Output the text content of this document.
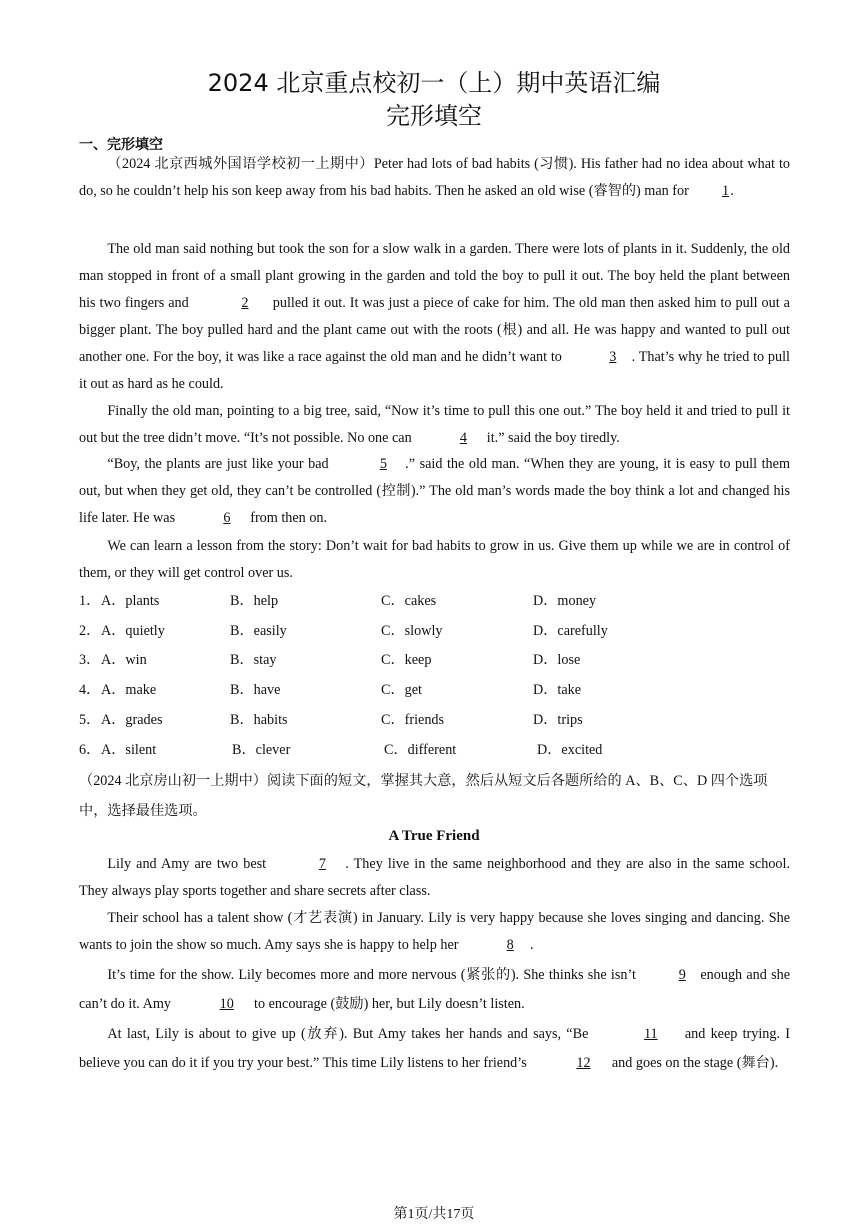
2024 北京重点校初一（上）期中英语汇编
完形填空
一、完形填空

（2024 北京西城外国语学校初一上期中）Peter had lots of bad habits (习惯). His father had no idea about what to do, so he couldn’t help his son keep away from his bad habits. Then he asked an old wise (睿智的) man for 1.

The old man said nothing but took the son for a slow walk in a garden. There were lots of plants in it. Suddenly, the old man stopped in front of a small plant growing in the garden and told the boy to pull it out. The boy held the plant between his two fingers and	2 pulled it out. It was just a piece of cake for him. The old man then asked him to pull out a bigger plant. The boy pulled hard and the plant came out with the roots (根) and all. He was happy and wanted to pull out another one. For the boy, it was like a race against the old man and he didn’t want to	3 . That’s why he tried to pull it out as hard as he could.

Finally the old man, pointing to a big tree, said, “Now it’s time to pull this one out.” The boy held it and tried to pull it out but the tree didn’t move. “It’s not possible. No one can	4 it.” said the boy tiredly.

“Boy, the plants are just like your bad	5 .” said the old man. “When they are young, it is easy to pull them out, but when they get old, they can’t be controlled (控制).” The old man’s words made the boy think a lot and changed his life later. He was	6 from then on.

We can learn a lesson from the story: Don’t wait for bad habits to grow in us. Give them up while we are in control of them, or they will get control over us.

1． A．plants	B．help	C．cakes	D．money
2． A．quietly	B．easily	C．slowly	D．carefully
3． A．win	B．stay	C．keep	D．lose
4． A．make	B．have	C．get	D．take
5． A．grades	B．habits	C．friends	D．trips
6． A．silent	B．clever	C．different	D．excited

（2024 北京房山初一上期中）阅读下面的短文，掌握其大意，然后从短文后各题所给的 A、B、C、D 四个选项中，选择最佳选项。

A True Friend

Lily and Amy are two best	7 . They live in the same neighborhood and they are also in the same school. They always play sports together and share secrets after class.

Their school has a talent show (才艺表演) in January. Lily is very happy because she loves singing and dancing. She wants to join the show so much. Amy says she is happy to help her	8 .

It’s time for the show. Lily becomes more and more nervous (紧张的). She thinks she isn’t	9 enough and she can’t do it. Amy	10 to encourage (鼓励) her, but Lily doesn’t listen.

At last, Lily is about to give up (放弃). But Amy takes her hands and says, “Be	11 and keep trying. I believe you can do it if you try your best.” This time Lily listens to her friend’s	12 and goes on the stage (舞台).

第1页/共17页
